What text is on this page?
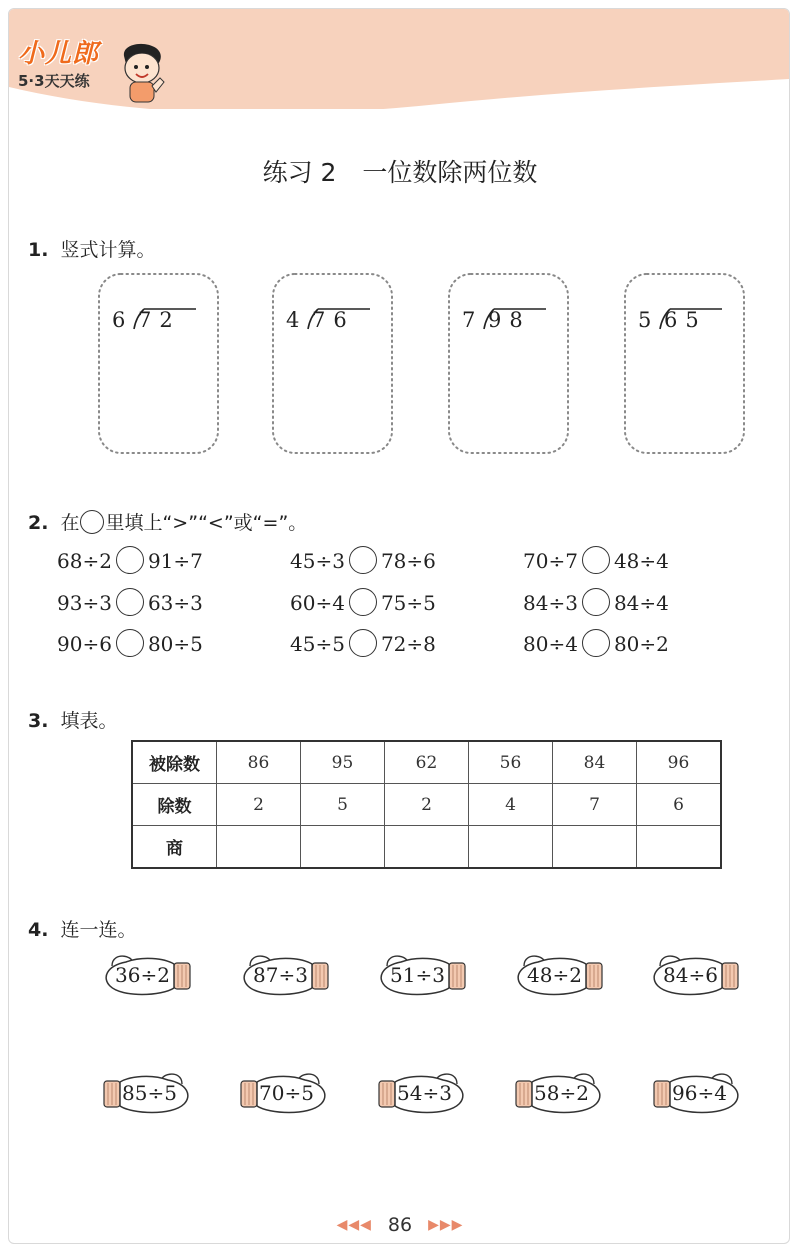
小儿郎
5·3天天练
练习 2 一位数除两位数
1. 竖式计算。
6 72	4 76	7 98	5 65
2. 在 里填上“>”“<”或“=”。
68÷2 91÷7	45÷3 78÷6	70÷7 48÷4
93÷3 63÷3	60÷4 75÷5	84÷3 84÷4
90÷6 80÷5	45÷5 72÷8	80÷4 80÷2
3. 填表。
被除数	86	95	62	56	84	96
除数	2	5	2	4	7	6
商						
4. 连一连。
36÷2	87÷3	51÷3	48÷2	84÷6
85÷5	70÷5	54÷3	58÷2	96÷4
◀◀◀ 86 ▶▶▶
